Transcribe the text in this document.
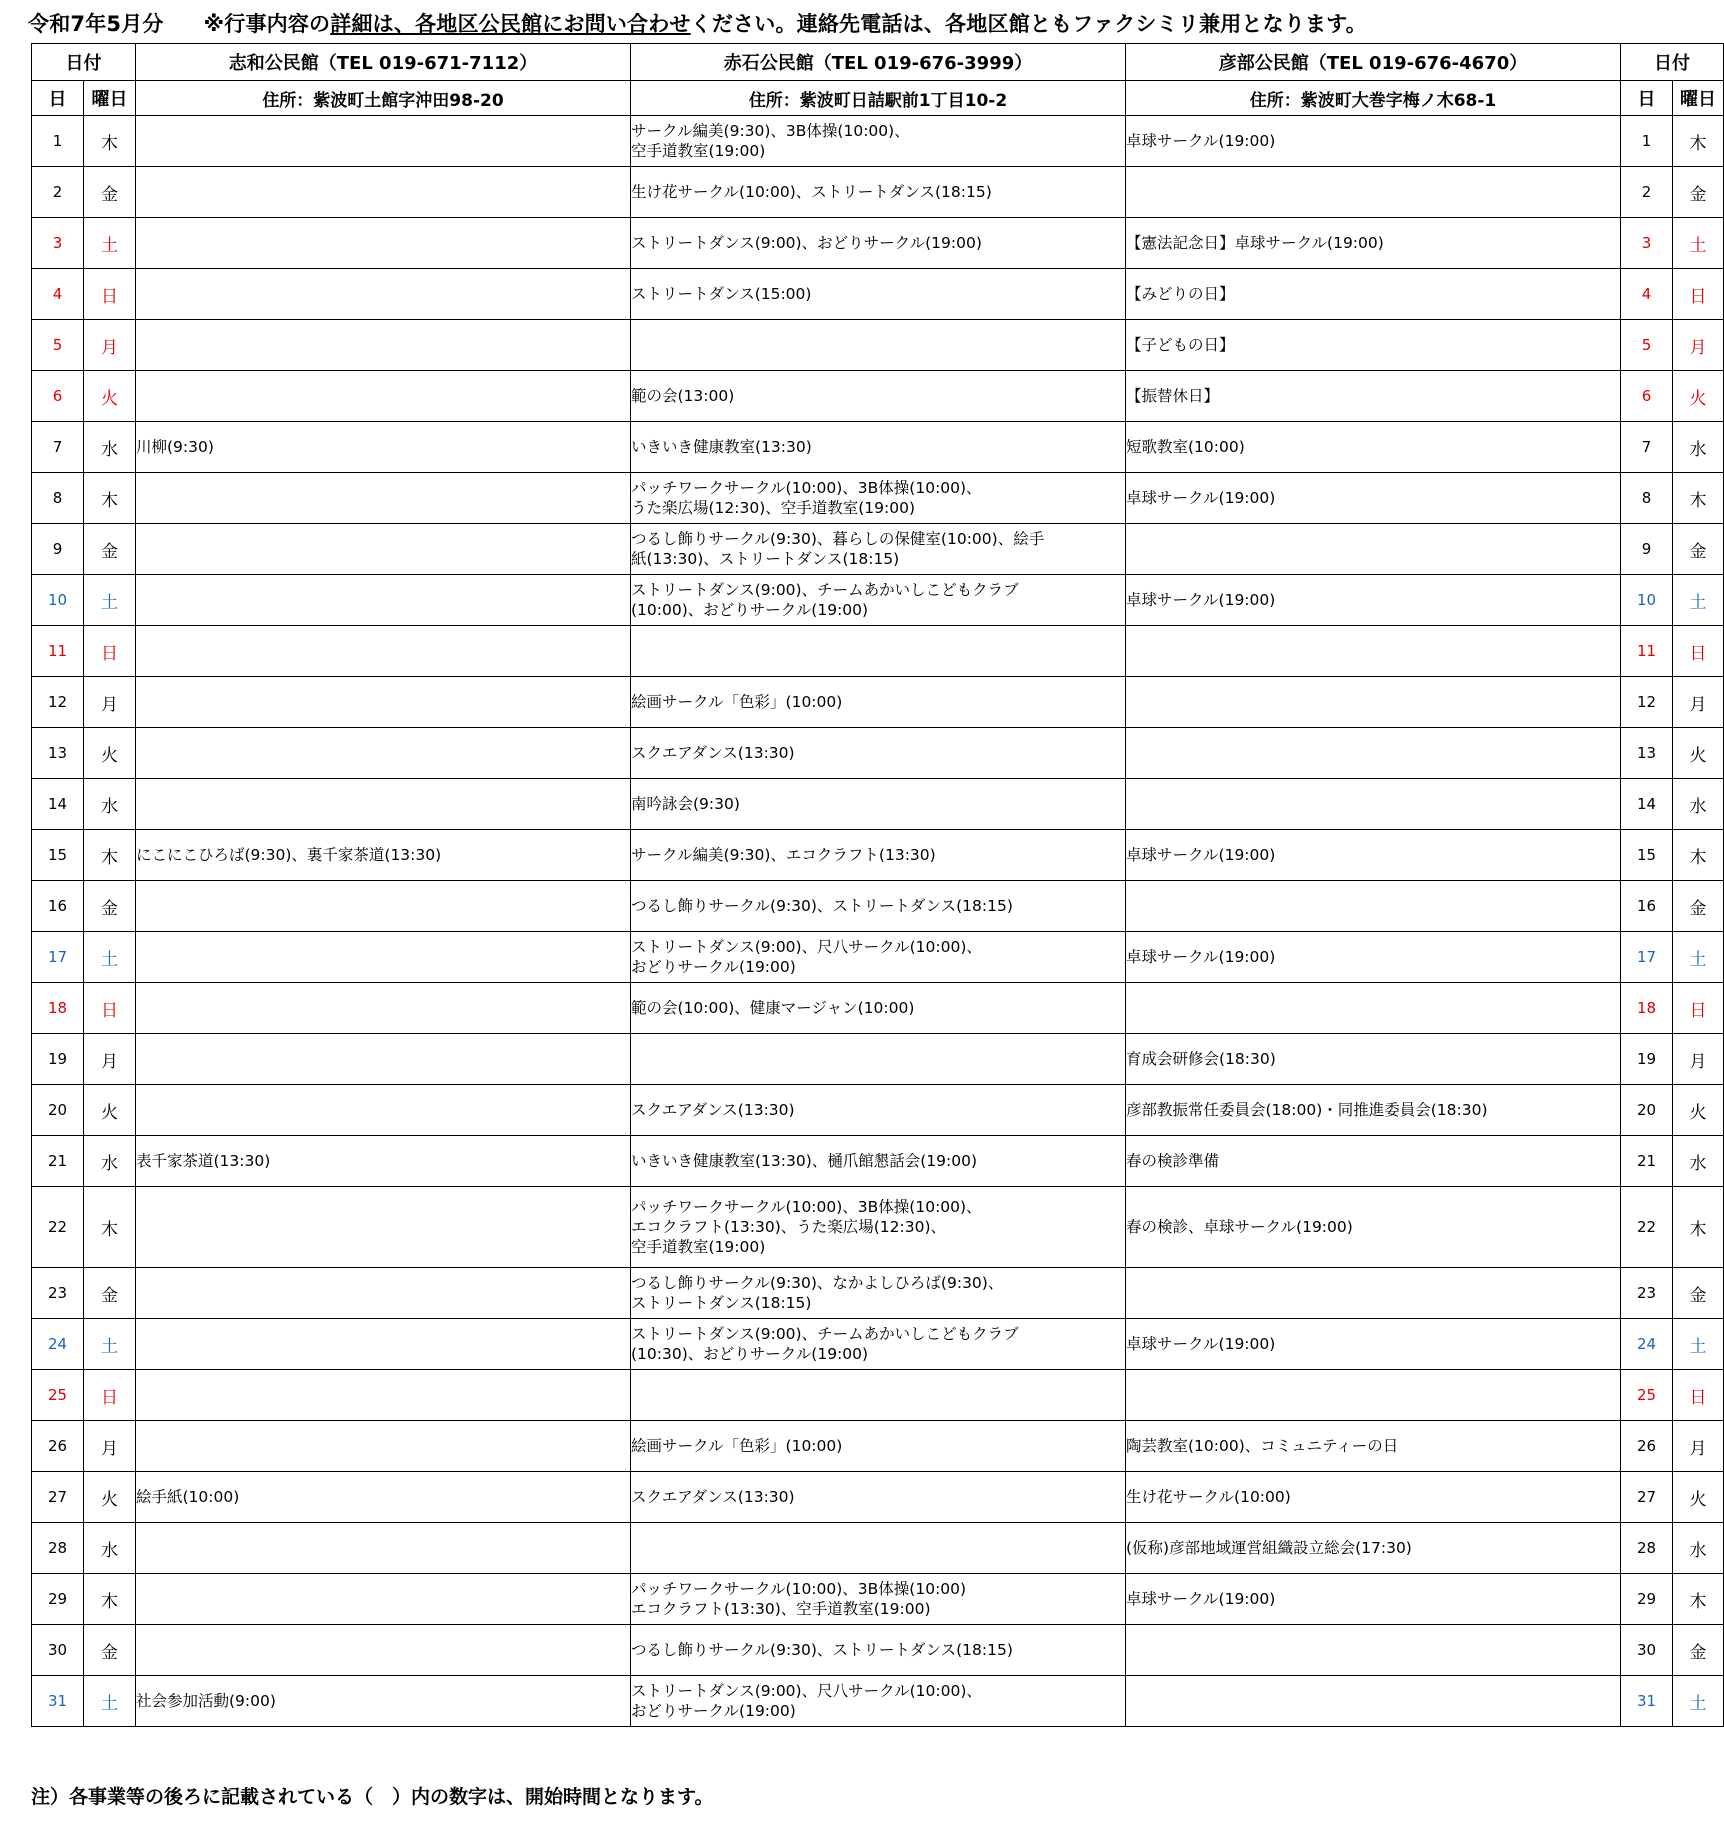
令和7年5月分 ※行事内容の詳細は、各地区公民館にお問い合わせください。連絡先電話は、各地区館ともファクシミリ兼用となります。
日付		志和公民館（TEL 019-671-7112）	赤石公民館（TEL 019-676-3999）	彦部公民館（TEL 019-676-4670）	日付	
日	曜日	住所：紫波町土館字沖田98-20	住所：紫波町日詰駅前1丁目10-2	住所：紫波町大巻字梅ノ木68-1	日	曜日
1	木		サークル編美(9:30)、3B体操(10:00)、
空手道教室(19:00)	卓球サークル(19:00)	1	木
2	金		生け花サークル(10:00)、ストリートダンス(18:15)		2	金
3	土		ストリートダンス(9:00)、おどりサークル(19:00)	【憲法記念日】卓球サークル(19:00)	3	土
4	日		ストリートダンス(15:00)	【みどりの日】	4	日
5	月			【子どもの日】	5	月
6	火		範の会(13:00)	【振替休日】	6	火
7	水	川柳(9:30)	いきいき健康教室(13:30)	短歌教室(10:00)	7	水
8	木		パッチワークサークル(10:00)、3B体操(10:00)、
うた楽広場(12:30)、空手道教室(19:00)	卓球サークル(19:00)	8	木
9	金		つるし飾りサークル(9:30)、暮らしの保健室(10:00)、絵手
紙(13:30)、ストリートダンス(18:15)		9	金
10	土		ストリートダンス(9:00)、チームあかいしこどもクラブ
(10:00)、おどりサークル(19:00)	卓球サークル(19:00)	10	土
11	日				11	日
12	月		絵画サークル「色彩」(10:00)		12	月
13	火		スクエアダンス(13:30)		13	火
14	水		南吟詠会(9:30)		14	水
15	木	にこにこひろば(9:30)、裏千家茶道(13:30)	サークル編美(9:30)、エコクラフト(13:30)	卓球サークル(19:00)	15	木
16	金		つるし飾りサークル(9:30)、ストリートダンス(18:15)		16	金
17	土		ストリートダンス(9:00)、尺八サークル(10:00)、
おどりサークル(19:00)	卓球サークル(19:00)	17	土
18	日		範の会(10:00)、健康マージャン(10:00)		18	日
19	月			育成会研修会(18:30)	19	月
20	火		スクエアダンス(13:30)	彦部教振常任委員会(18:00)・同推進委員会(18:30)	20	火
21	水	表千家茶道(13:30)	いきいき健康教室(13:30)、樋爪館懇話会(19:00)	春の検診準備	21	水
22	木		パッチワークサークル(10:00)、3B体操(10:00)、
エコクラフト(13:30)、うた楽広場(12:30)、
空手道教室(19:00)	春の検診、卓球サークル(19:00)	22	木
23	金		つるし飾りサークル(9:30)、なかよしひろば(9:30)、
ストリートダンス(18:15)		23	金
24	土		ストリートダンス(9:00)、チームあかいしこどもクラブ
(10:30)、おどりサークル(19:00)	卓球サークル(19:00)	24	土
25	日				25	日
26	月		絵画サークル「色彩」(10:00)	陶芸教室(10:00)、コミュニティーの日	26	月
27	火	絵手紙(10:00)	スクエアダンス(13:30)	生け花サークル(10:00)	27	火
28	水			(仮称)彦部地域運営組織設立総会(17:30)	28	水
29	木		パッチワークサークル(10:00)、3B体操(10:00)
エコクラフト(13:30)、空手道教室(19:00)	卓球サークル(19:00)	29	木
30	金		つるし飾りサークル(9:30)、ストリートダンス(18:15)		30	金
31	土	社会参加活動(9:00)	ストリートダンス(9:00)、尺八サークル(10:00)、
おどりサークル(19:00)		31	土
注）各事業等の後ろに記載されている（　）内の数字は、開始時間となります。
